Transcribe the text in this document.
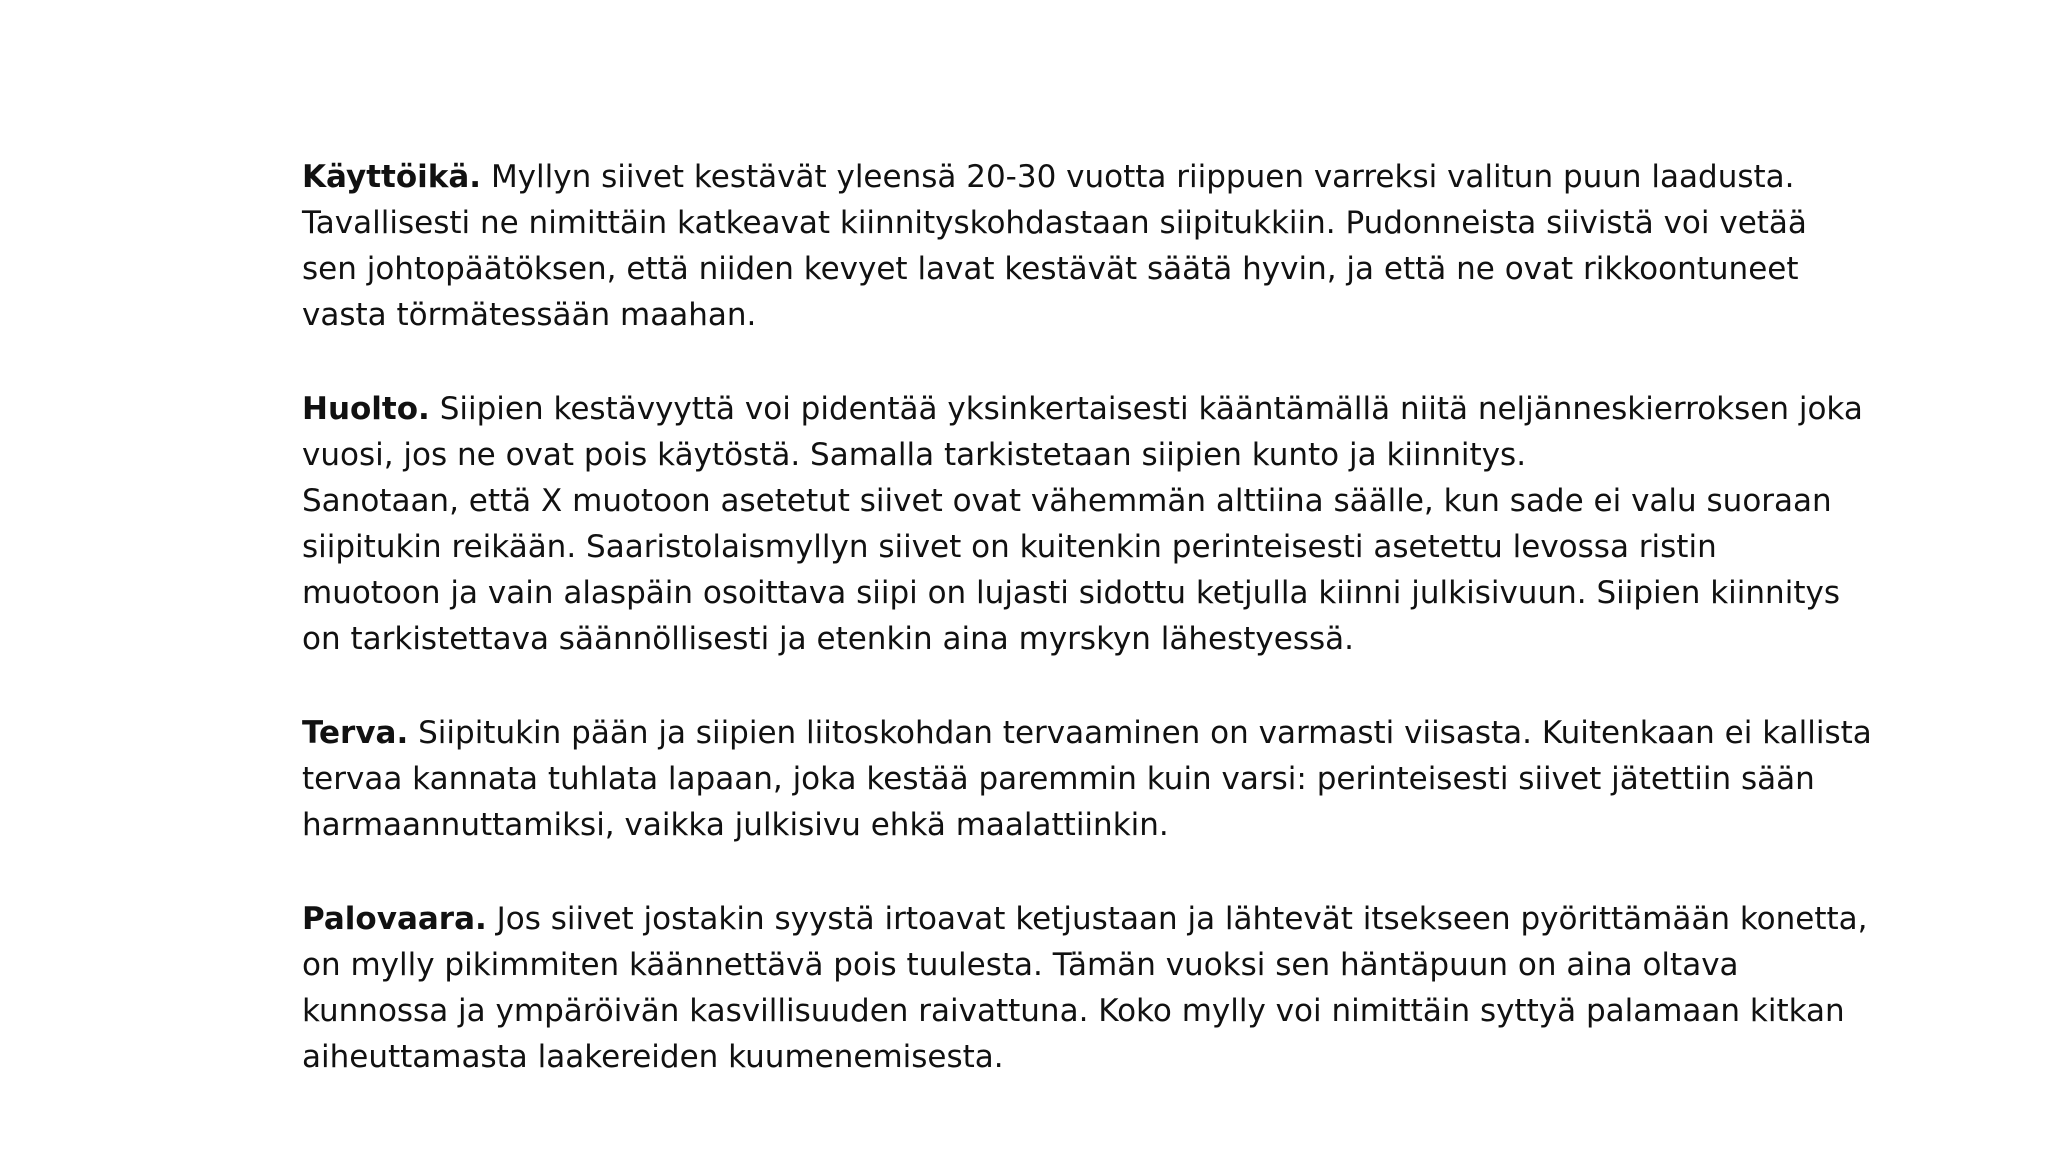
Käyttöikä. Myllyn siivet kestävät yleensä 20-30 vuotta riippuen varreksi valitun puun laadusta.
Tavallisesti ne nimittäin katkeavat kiinnityskohdastaan siipitukkiin. Pudonneista siivistä voi vetää
sen johtopäätöksen, että niiden kevyet lavat kestävät säätä hyvin, ja että ne ovat rikkoontuneet
vasta törmätessään maahan.
Huolto. Siipien kestävyyttä voi pidentää yksinkertaisesti kääntämällä niitä neljänneskierroksen joka
vuosi, jos ne ovat pois käytöstä. Samalla tarkistetaan siipien kunto ja kiinnitys.
Sanotaan, että X muotoon asetetut siivet ovat vähemmän alttiina säälle, kun sade ei valu suoraan
siipitukin reikään. Saaristolaismyllyn siivet on kuitenkin perinteisesti asetettu levossa ristin
muotoon ja vain alaspäin osoittava siipi on lujasti sidottu ketjulla kiinni julkisivuun. Siipien kiinnitys
on tarkistettava säännöllisesti ja etenkin aina myrskyn lähestyessä.
Terva. Siipitukin pään ja siipien liitoskohdan tervaaminen on varmasti viisasta. Kuitenkaan ei kallista
tervaa kannata tuhlata lapaan, joka kestää paremmin kuin varsi: perinteisesti siivet jätettiin sään
harmaannuttamiksi, vaikka julkisivu ehkä maalattiinkin.
Palovaara. Jos siivet jostakin syystä irtoavat ketjustaan ja lähtevät itsekseen pyörittämään konetta,
on mylly pikimmiten käännettävä pois tuulesta. Tämän vuoksi sen häntäpuun on aina oltava
kunnossa ja ympäröivän kasvillisuuden raivattuna. Koko mylly voi nimittäin syttyä palamaan kitkan
aiheuttamasta laakereiden kuumenemisesta.
